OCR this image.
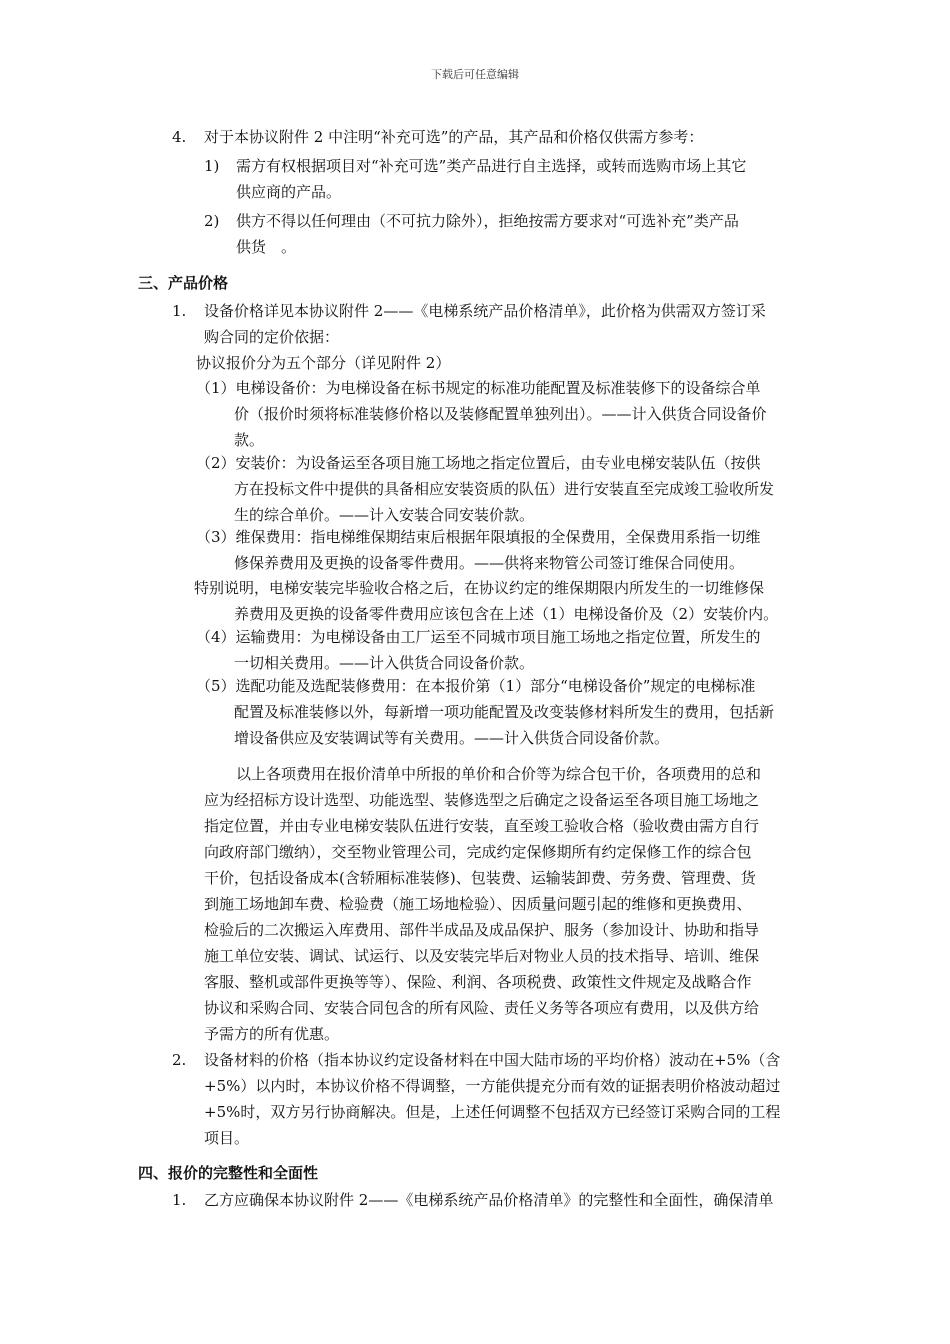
下载后可任意编辑
4. 对于本协议附件 2 中注明“补充可选”的产品，其产品和价格仅供需方参考：
1) 需方有权根据项目对“补充可选”类产品进行自主选择，或转而选购市场上其它
供应商的产品。
2) 供方不得以任何理由（不可抗力除外），拒绝按需方要求对“可选补充”类产品
供货　。
三、产品价格
1. 设备价格详见本协议附件 2——《电梯系统产品价格清单》，此价格为供需双方签订采
购合同的定价依据：
协议报价分为五个部分（详见附件 2）
（1）电梯设备价：为电梯设备在标书规定的标准功能配置及标准装修下的设备综合单
价（报价时须将标准装修价格以及装修配置单独列出）。——计入供货合同设备价
款。
（2）安装价：为设备运至各项目施工场地之指定位置后，由专业电梯安装队伍（按供
方在投标文件中提供的具备相应安装资质的队伍）进行安装直至完成竣工验收所发
生的综合单价。——计入安装合同安装价款。
（3）维保费用：指电梯维保期结束后根据年限填报的全保费用，全保费用系指一切维
修保养费用及更换的设备零件费用。——供将来物管公司签订维保合同使用。
特别说明，电梯安装完毕验收合格之后，在协议约定的维保期限内所发生的一切维修保
养费用及更换的设备零件费用应该包含在上述（1）电梯设备价及（2）安装价内。
（4）运输费用：为电梯设备由工厂运至不同城市项目施工场地之指定位置，所发生的
一切相关费用。——计入供货合同设备价款。
（5）选配功能及选配装修费用：在本报价第（1）部分“电梯设备价”规定的电梯标准
配置及标准装修以外，每新增一项功能配置及改变装修材料所发生的费用，包括新
增设备供应及安装调试等有关费用。——计入供货合同设备价款。
以上各项费用在报价清单中所报的单价和合价等为综合包干价，各项费用的总和
应为经招标方设计选型、功能选型、装修选型之后确定之设备运至各项目施工场地之
指定位置，并由专业电梯安装队伍进行安装，直至竣工验收合格（验收费由需方自行
向政府部门缴纳），交至物业管理公司，完成约定保修期所有约定保修工作的综合包
干价，包括设备成本(含轿厢标准装修)、包装费、运输装卸费、劳务费、管理费、货
到施工场地卸车费、检验费（施工场地检验）、因质量问题引起的维修和更换费用、
检验后的二次搬运入库费用、部件半成品及成品保护、服务（参加设计、协助和指导
施工单位安装、调试、试运行、以及安装完毕后对物业人员的技术指导、培训、维保
客服、整机或部件更换等等）、保险、利润、各项税费、政策性文件规定及战略合作
协议和采购合同、安装合同包含的所有风险、责任义务等各项应有费用，以及供方给
予需方的所有优惠。
2. 设备材料的价格（指本协议约定设备材料在中国大陆市场的平均价格）波动在+5%（含
+5%）以内时，本协议价格不得调整，一方能供提充分而有效的证据表明价格波动超过
+5%时，双方另行协商解决。但是，上述任何调整不包括双方已经签订采购合同的工程
项目。
四、报价的完整性和全面性
1. 乙方应确保本协议附件 2——《电梯系统产品价格清单》的完整性和全面性，确保清单
